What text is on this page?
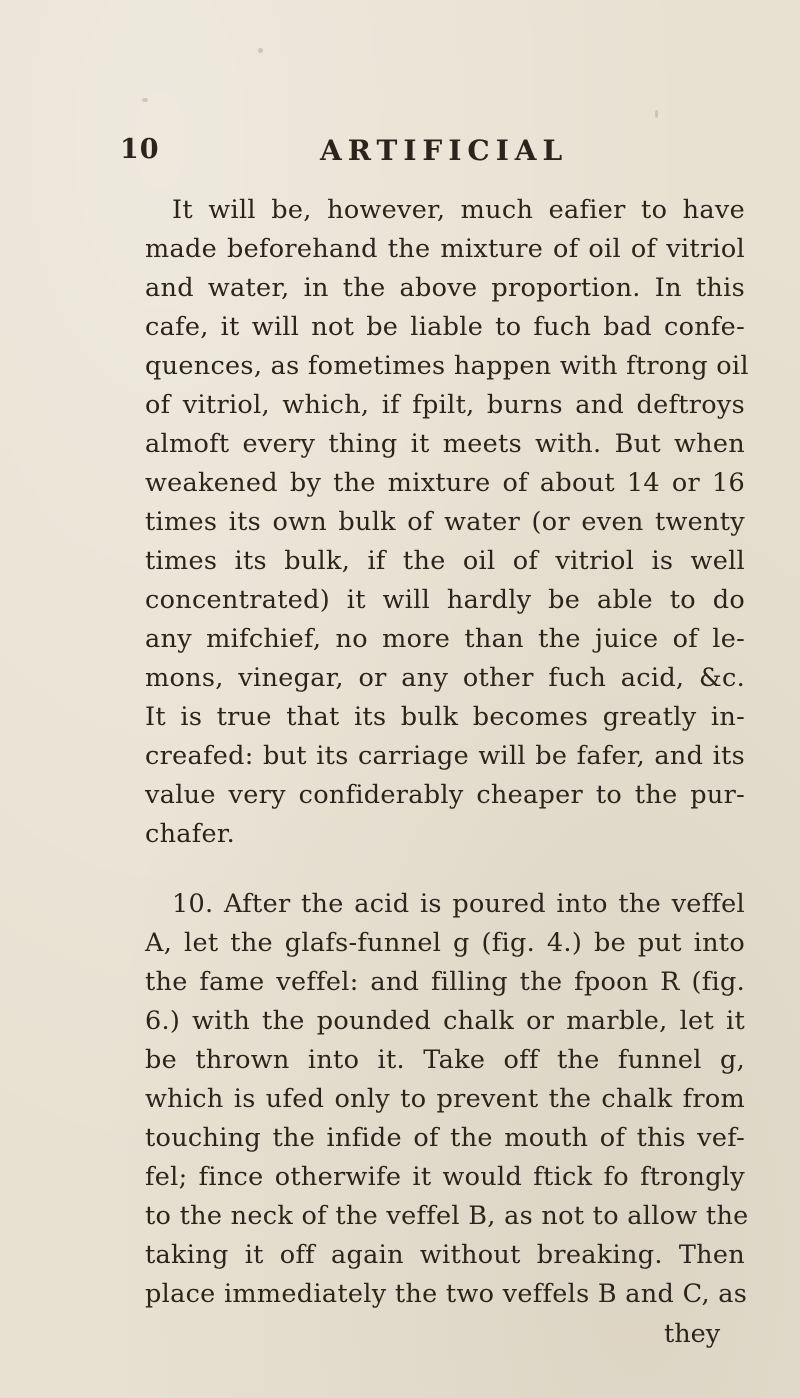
10	ARTIFICIAL
It will be, however, much eafier to have
made beforehand the mixture of oil of vitriol
and water, in the above proportion. In this
cafe, it will not be liable to fuch bad confe-
quences, as fometimes happen with ftrong oil
of vitriol, which, if fpilt, burns and deftroys
almoft every thing it meets with. But when
weakened by the mixture of about 14 or 16
times its own bulk of water (or even twenty
times its bulk, if the oil of vitriol is well
concentrated) it will hardly be able to do
any mifchief, no more than the juice of le-
mons, vinegar, or any other fuch acid, &c.
It is true that its bulk becomes greatly in-
creafed: but its carriage will be fafer, and its
value very confiderably cheaper to the pur-
chafer.
10. After the acid is poured into the veffel
A, let the glafs-funnel g (fig. 4.) be put into
the fame veffel: and filling the fpoon R (fig.
6.) with the pounded chalk or marble, let it
be thrown into it. Take off the funnel g,
which is ufed only to prevent the chalk from
touching the infide of the mouth of this vef-
fel; fince otherwife it would ftick fo ftrongly
to the neck of the veffel B, as not to allow the
taking it off again without breaking. Then
place immediately the two veffels B and C, as
they
